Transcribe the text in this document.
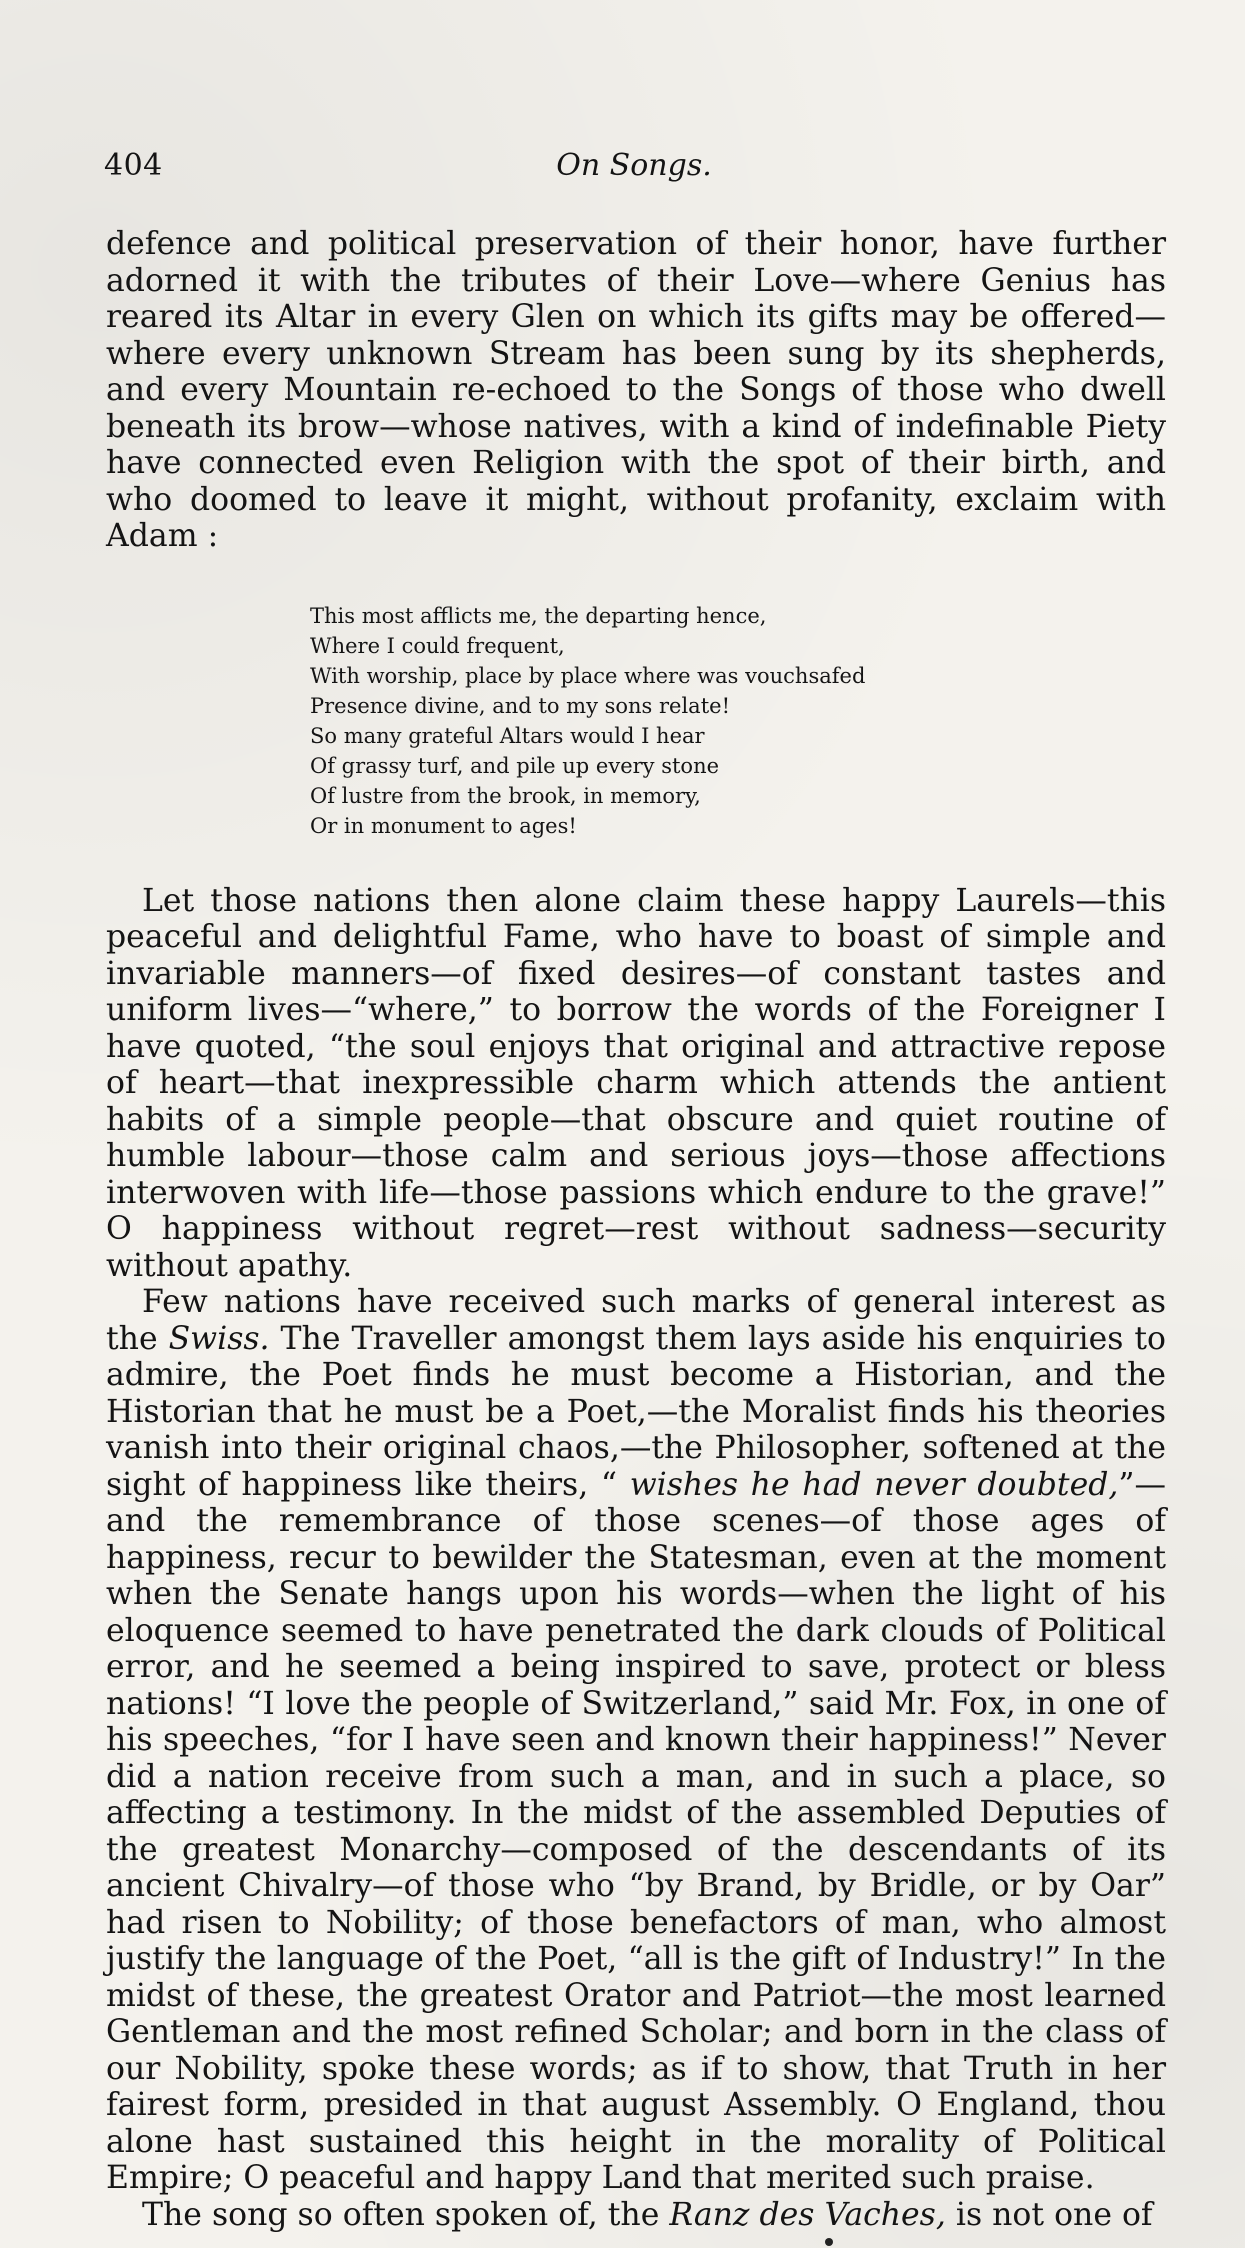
404	On Songs.

defence and political preservation of their honor, have further adorned it with the tributes of their Love—where Genius has reared its Altar in every Glen on which its gifts may be offered—where every unknown Stream has been sung by its shepherds, and every Mountain re-echoed to the Songs of those who dwell beneath its brow—whose natives, with a kind of indefinable Piety have connected even Religion with the spot of their birth, and who doomed to leave it might, without profanity, exclaim with Adam :

This most afflicts me, the departing hence,
Where I could frequent,
With worship, place by place where was vouchsafed
Presence divine, and to my sons relate!
So many grateful Altars would I hear
Of grassy turf, and pile up every stone
Of lustre from the brook, in memory,
Or in monument to ages!

Let those nations then alone claim these happy Laurels—this peaceful and delightful Fame, who have to boast of simple and invariable manners—of fixed desires—of constant tastes and uniform lives—“where,” to borrow the words of the Foreigner I have quoted, “the soul enjoys that original and attractive repose of heart—that inexpressible charm which attends the antient habits of a simple people—that obscure and quiet routine of humble labour—those calm and serious joys—those affections interwoven with life—those passions which endure to the grave!” O happiness without regret—rest without sadness—security without apathy.

Few nations have received such marks of general interest as the Swiss. The Traveller amongst them lays aside his enquiries to admire, the Poet finds he must become a Historian, and the Historian that he must be a Poet,—the Moralist finds his theories vanish into their original chaos,—the Philosopher, softened at the sight of happiness like theirs, “ wishes he had never doubted,”—and the remembrance of those scenes—of those ages of happiness, recur to bewilder the Statesman, even at the moment when the Senate hangs upon his words—when the light of his eloquence seemed to have penetrated the dark clouds of Political error, and he seemed a being inspired to save, protect or bless nations! “I love the people of Switzerland,” said Mr. Fox, in one of his speeches, “for I have seen and known their happiness!” Never did a nation receive from such a man, and in such a place, so affecting a testimony. In the midst of the assembled Deputies of the greatest Monarchy—composed of the descendants of its ancient Chivalry—of those who “by Brand, by Bridle, or by Oar” had risen to Nobility; of those benefactors of man, who almost justify the language of the Poet, “all is the gift of Industry!” In the midst of these, the greatest Orator and Patriot—the most learned Gentleman and the most refined Scholar; and born in the class of our Nobility, spoke these words; as if to show, that Truth in her fairest form, presided in that august Assembly. O England, thou alone hast sustained this height in the morality of Political Empire; O peaceful and happy Land that merited such praise.

The song so often spoken of, the Ranz des Vaches, is not one of
